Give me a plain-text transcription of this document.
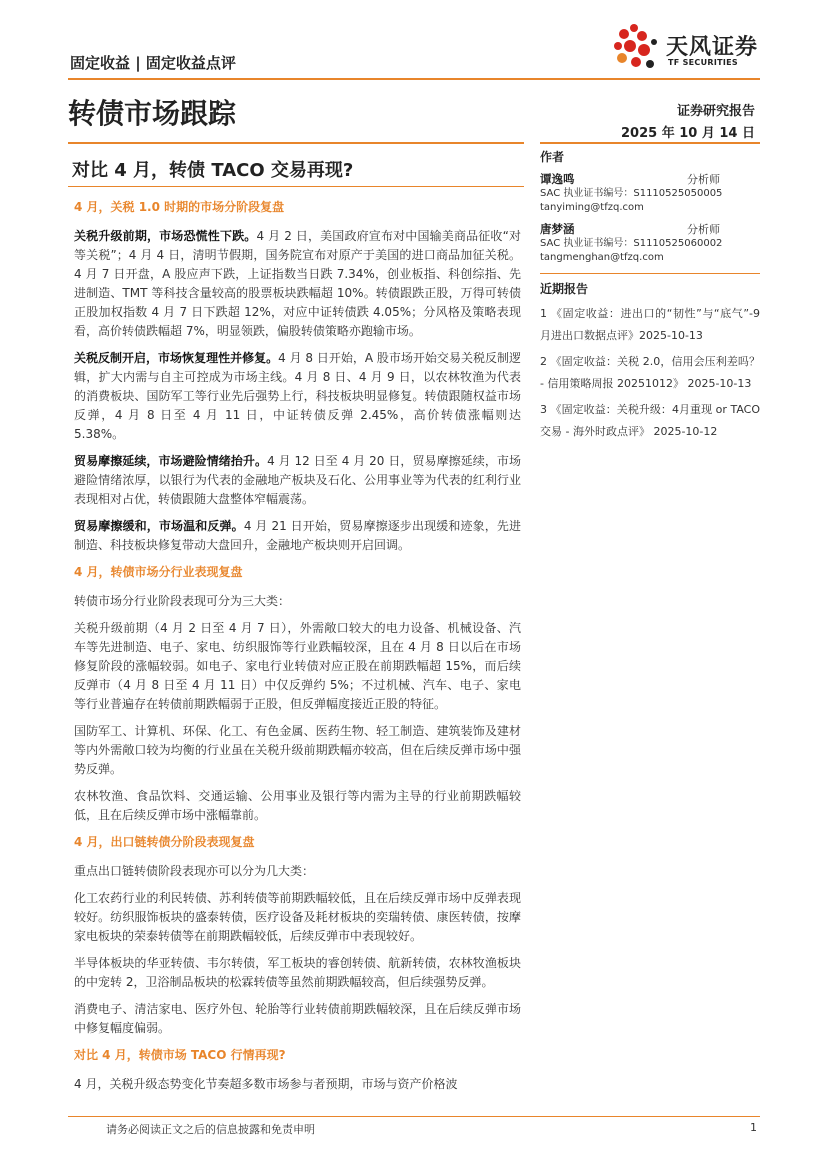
固定收益 | 固定收益点评
天风证券
TF SECURITIES
转债市场跟踪	证券研究报告
2025 年 10 月 14 日
对比 4 月，转债 TACO 交易再现?
4 月，关税 1.0 时期的市场分阶段复盘

关税升级前期，市场恐慌性下跌。4 月 2 日，美国政府宣布对中国输美商品征收“对等关税”；4 月 4 日，清明节假期，国务院宣布对原产于美国的进口商品加征关税。4 月 7 日开盘，A 股应声下跌，上证指数当日跌 7.34%，创业板指、科创综指、先进制造、TMT 等科技含量较高的股票板块跌幅超 10%。转债跟跌正股，万得可转债正股加权指数 4 月 7 日下跌超 12%，对应中证转债跌 4.05%；分风格及策略表现看，高价转债跌幅超 7%，明显领跌，偏股转债策略亦跑输市场。

关税反制开启，市场恢复理性并修复。4 月 8 日开始，A 股市场开始交易关税反制逻辑，扩大内需与自主可控成为市场主线。4 月 8 日、4 月 9 日，以农林牧渔为代表的消费板块、国防军工等行业先后强势上行，科技板块明显修复。转债跟随权益市场反弹，4 月 8 日至 4 月 11 日，中证转债反弹 2.45%，高价转债涨幅则达 5.38%。

贸易摩擦延续，市场避险情绪抬升。4 月 12 日至 4 月 20 日，贸易摩擦延续，市场避险情绪浓厚，以银行为代表的金融地产板块及石化、公用事业等为代表的红利行业表现相对占优，转债跟随大盘整体窄幅震荡。

贸易摩擦缓和，市场温和反弹。4 月 21 日开始，贸易摩擦逐步出现缓和迹象，先进制造、科技板块修复带动大盘回升，金融地产板块则开启回调。

4 月，转债市场分行业表现复盘

转债市场分行业阶段表现可分为三大类：

关税升级前期（4 月 2 日至 4 月 7 日），外需敞口较大的电力设备、机械设备、汽车等先进制造、电子、家电、纺织服饰等行业跌幅较深，且在 4 月 8 日以后在市场修复阶段的涨幅较弱。如电子、家电行业转债对应正股在前期跌幅超 15%，而后续反弹市（4 月 8 日至 4 月 11 日）中仅反弹约 5%；不过机械、汽车、电子、家电等行业普遍存在转债前期跌幅弱于正股，但反弹幅度接近正股的特征。

国防军工、计算机、环保、化工、有色金属、医药生物、轻工制造、建筑装饰及建材等内外需敞口较为均衡的行业虽在关税升级前期跌幅亦较高，但在后续反弹市场中强势反弹。

农林牧渔、食品饮料、交通运输、公用事业及银行等内需为主导的行业前期跌幅较低，且在后续反弹市场中涨幅靠前。

4 月，出口链转债分阶段表现复盘

重点出口链转债阶段表现亦可以分为几大类：

化工农药行业的利民转债、苏利转债等前期跌幅较低，且在后续反弹市场中反弹表现较好。纺织服饰板块的盛泰转债，医疗设备及耗材板块的奕瑞转债、康医转债，按摩家电板块的荣泰转债等在前期跌幅较低，后续反弹市中表现较好。

半导体板块的华亚转债、韦尔转债，军工板块的睿创转债、航新转债，农林牧渔板块的中宠转 2，卫浴制品板块的松霖转债等虽然前期跌幅较高，但后续强势反弹。

消费电子、清洁家电、医疗外包、轮胎等行业转债前期跌幅较深，且在后续反弹市场中修复幅度偏弱。

对比 4 月，转债市场 TACO 行情再现?

4 月，关税升级态势变化节奏超多数市场参与者预期，市场与资产价格波

作者
谭逸鸣	分析师
SAC 执业证书编号：S1110525050005
tanyiming@tfzq.com
唐梦涵	分析师
SAC 执业证书编号：S1110525060002
tangmenghan@tfzq.com
近期报告
1 《固定收益：进出口的“韧性”与“底气”-9月进出口数据点评》2025-10-13
2 《固定收益：关税 2.0，信用会压利差吗？ - 信用策略周报 20251012》 2025-10-13
3 《固定收益：关税升级：4月重现 or TACO 交易 - 海外时政点评》 2025-10-12
请务必阅读正文之后的信息披露和免责申明	1
